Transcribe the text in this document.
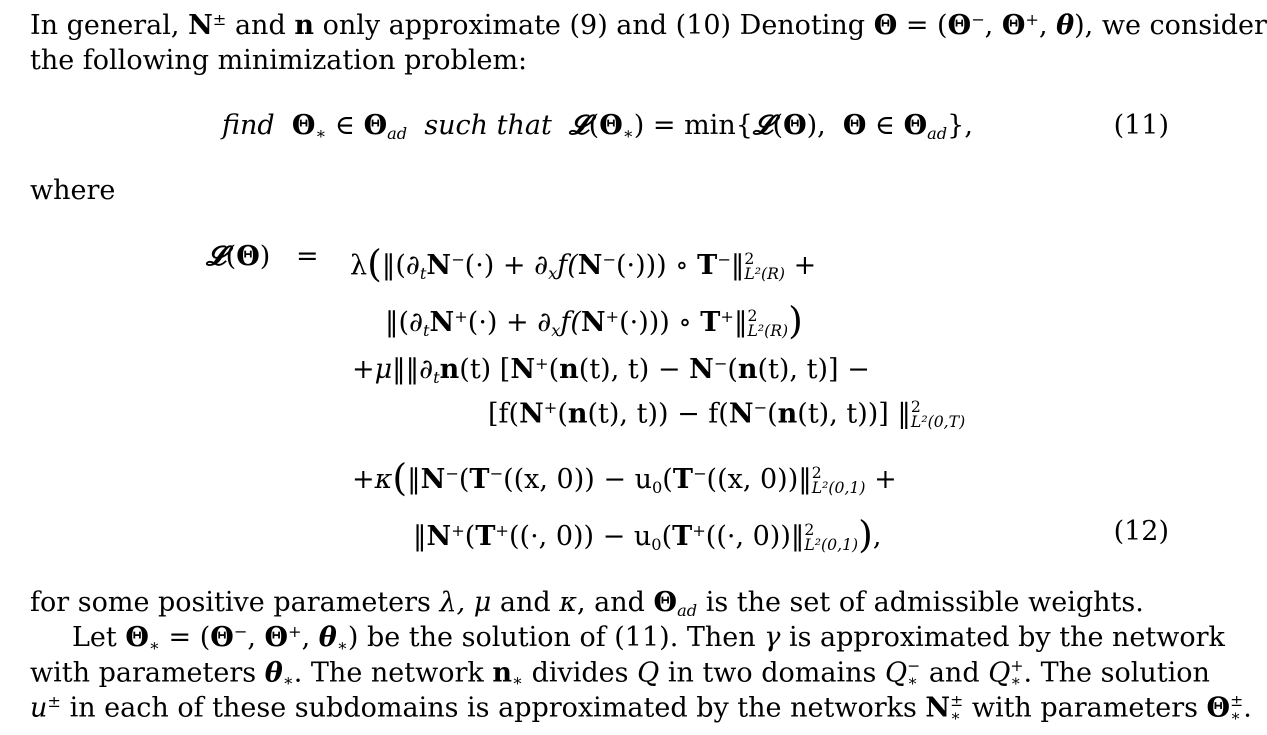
In general, N± and n only approximate (9) and (10) Denoting Θ = (Θ−, Θ+, θ), we consider
the following minimization problem:
find $\Theta_∗$ ∈ $\Theta_{ad}$ such that $𝓛(\Theta_∗)$ = min{𝓛(Θ), Θ ∈ $\Theta_{ad}$},	(11)
where
𝓛(Θ)   = $\lambda(‖(\partial_tN^-(\cdot) + \partial_xf(N^-(\cdot)))$ ∘ T−‖ 2
L²(R) +
$‖(\partial_tN^+(\cdot) + \partial_xf(N^+(\cdot)))$ ∘ T+‖ 2
L²(R) )
$+\mu‖‖\partial_tn(t)$ [N+(n(t), t) − N−(n(t), t)] −
[f(N+(n(t), t)) − f(N−(n(t), t))] ‖ 2
L²(0,T)
+κ(‖N−(T−((x, $0)) - u_0(T^-((x$, 0))‖ 2
L²(0,1) +
‖N+(T+((·, $0)) - u_0(T^+((\cdot$, 0))‖ 2
L²(0,1) ),	(12)
for some positive parameters λ, μ and κ, and $\Theta_{ad}$ is the set of admissible weights.
Let $\Theta_∗ = (\Theta^-$, Θ+, $\theta_∗$) be the solution of (11). Then γ is approximated by the network
with parameters $\theta_∗$. The network $n_∗$ divides Q in two domains Q −
∗ and Q +
∗ . The solution
u± in each of these subdomains is approximated by the networks N ±
∗ with parameters Θ ±
∗ .
